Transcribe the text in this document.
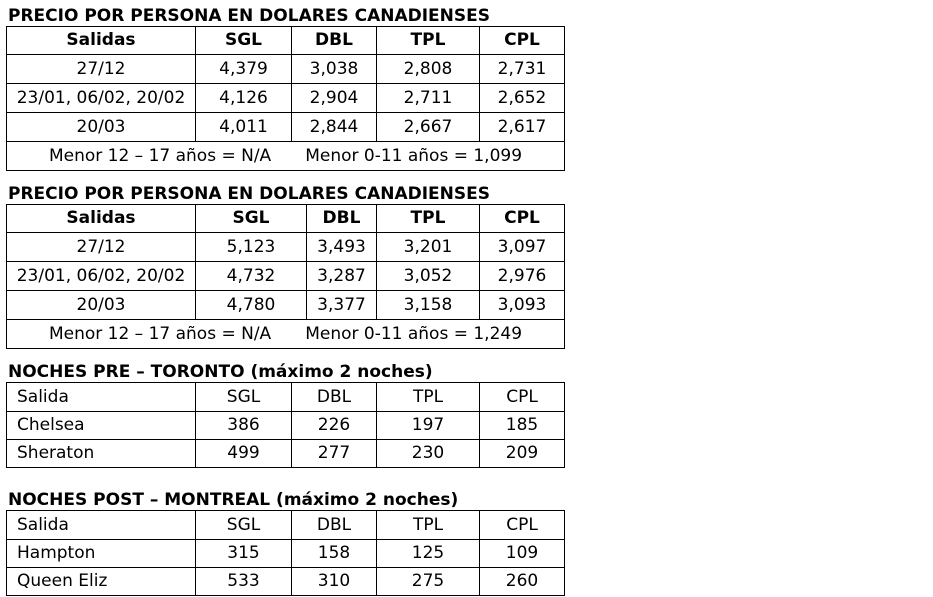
PRECIO POR PERSONA EN DOLARES CANADIENSES
Salidas	SGL	DBL	TPL	CPL
27/12	4,379	3,038	2,808	2,731
23/01, 06/02, 20/02	4,126	2,904	2,711	2,652
20/03	4,011	2,844	2,667	2,617
Menor 12 – 17 años = N/A Menor 0-11 años = 1,099				
PRECIO POR PERSONA EN DOLARES CANADIENSES
Salidas	SGL	DBL	TPL	CPL
27/12	5,123	3,493	3,201	3,097
23/01, 06/02, 20/02	4,732	3,287	3,052	2,976
20/03	4,780	3,377	3,158	3,093
Menor 12 – 17 años = N/A Menor 0-11 años = 1,249				
NOCHES PRE – TORONTO (máximo 2 noches)
Salida	SGL	DBL	TPL	CPL
Chelsea	386	226	197	185
Sheraton	499	277	230	209
NOCHES POST – MONTREAL (máximo 2 noches)
Salida	SGL	DBL	TPL	CPL
Hampton	315	158	125	109
Queen Eliz	533	310	275	260
